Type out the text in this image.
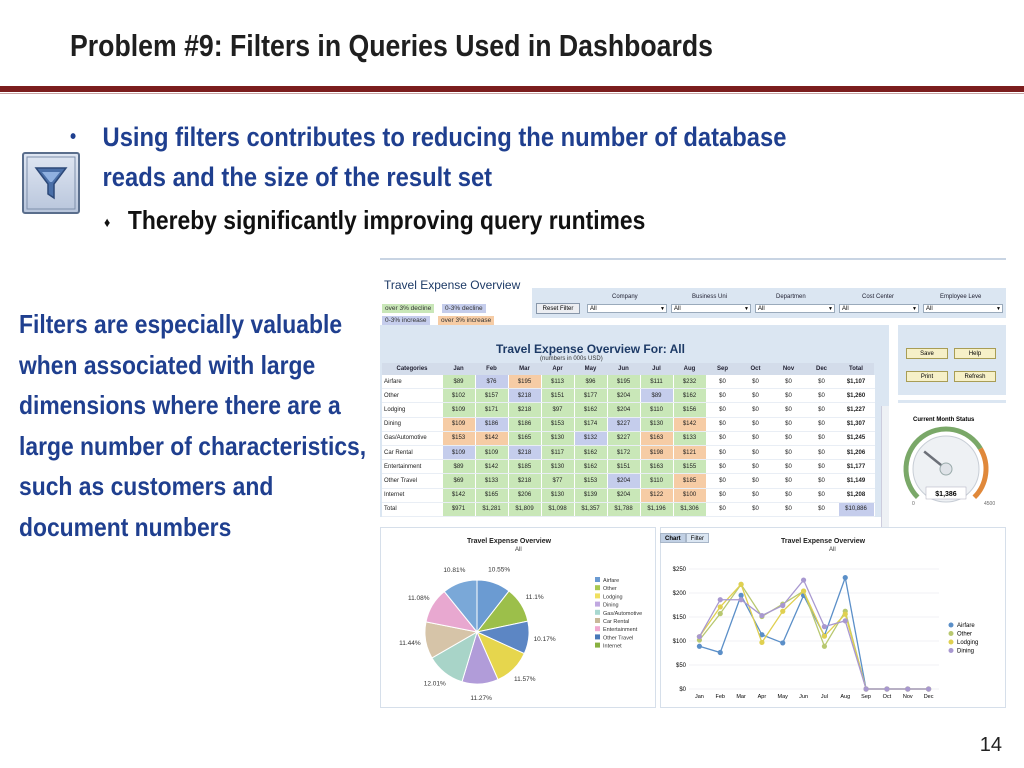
Problem #9: Filters in Queries Used in Dashboards
• Using filters contributes to reducing the number of database reads and the size of the result set
♦ Thereby significantly improving query runtimes
Filters are especially valuable when associated with large dimensions where there are a large number of characteristics, such as customers and document numbers
Travel Expense Overview
over 3% decline	0-3% decline
0-3% increase	over 3% increase
Reset Filter
Company
All	▼
Business Uni
All	▼
Departmen
All	▼
Cost Center
All	▼
Employee Leve
All	▼
Travel Expense Overview For: All
(numbers in 000s USD)
Categories	Jan	Feb	Mar	Apr	May	Jun	Jul	Aug	Sep	Oct	Nov	Dec	Total
Airfare	$89	$76	$195	$113	$96	$195	$111	$232	$0	$0	$0	$0	$1,107
Other	$102	$157	$218	$151	$177	$204	$89	$162	$0	$0	$0	$0	$1,260
Lodging	$109	$171	$218	$97	$162	$204	$110	$156	$0	$0	$0	$0	$1,227
Dining	$109	$186	$186	$153	$174	$227	$130	$142	$0	$0	$0	$0	$1,307
Gas/Automotive	$153	$142	$165	$130	$132	$227	$163	$133	$0	$0	$0	$0	$1,245
Car Rental	$109	$109	$218	$117	$162	$172	$198	$121	$0	$0	$0	$0	$1,206
Entertainment	$89	$142	$185	$130	$162	$151	$163	$155	$0	$0	$0	$0	$1,177
Other Travel	$69	$133	$218	$77	$153	$204	$110	$185	$0	$0	$0	$0	$1,149
Internet	$142	$165	$206	$130	$139	$204	$122	$100	$0	$0	$0	$0	$1,208
Total	$971	$1,281	$1,809	$1,098	$1,357	$1,788	$1,196	$1,306	$0	$0	$0	$0	$10,886
Save	Help
Print	Refresh
Current Month Status
$1,386
0	4500
Travel Expense Overview
All
10.55%
11.1%
10.17%
11.57%
11.27%
12.01%
11.44%
11.08%
10.81%
Airfare
Other
Lodging
Dining
Gas/Automotive
Car Rental
Entertainment
Other Travel
Internet
Travel Expense Overview
All
$0
$50
$100
$150
$200
$250
Jan Feb Mar Apr May Jun Jul Aug Sep Oct Nov Dec
Airfare
Other
Lodging
Dining
Chart Filter
14
